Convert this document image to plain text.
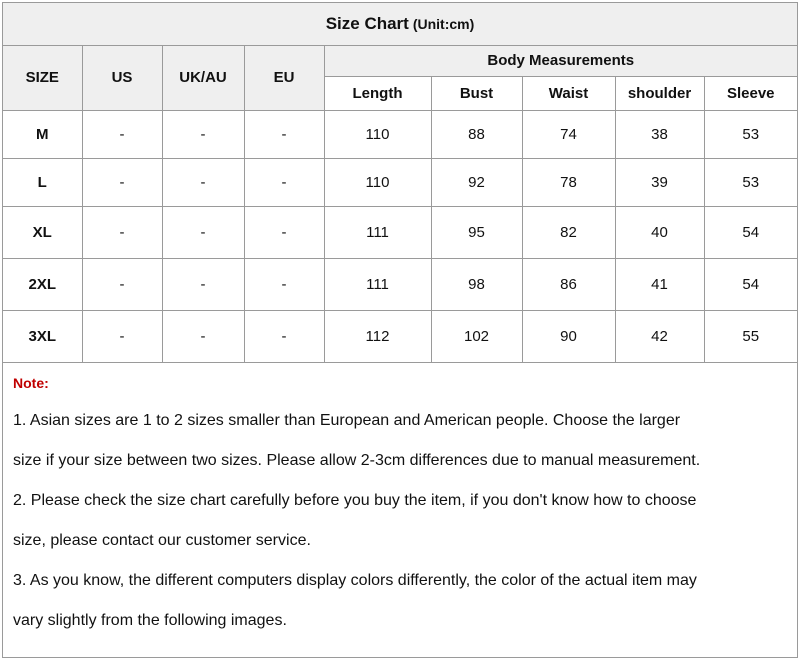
Size Chart (Unit:cm)
SIZE	US	UK/AU	EU	Body Measurements				
				Length	Bust	Waist	shoulder	Sleeve
M	-	-	-	110	88	74	38	53
L	-	-	-	110	92	78	39	53
XL	-	-	-	111	95	82	40	54
2XL	-	-	-	111	98	86	41	54
3XL	-	-	-	112	102	90	42	55
Note:

1. Asian sizes are 1 to 2 sizes smaller than European and American people. Choose the larger

size if your size between two sizes. Please allow 2-3cm differences due to manual measurement.

2. Please check the size chart carefully before you buy the item, if you don't know how to choose

size, please contact our customer service.

3. As you know, the different computers display colors differently, the color of the actual item may

vary slightly from the following images.
